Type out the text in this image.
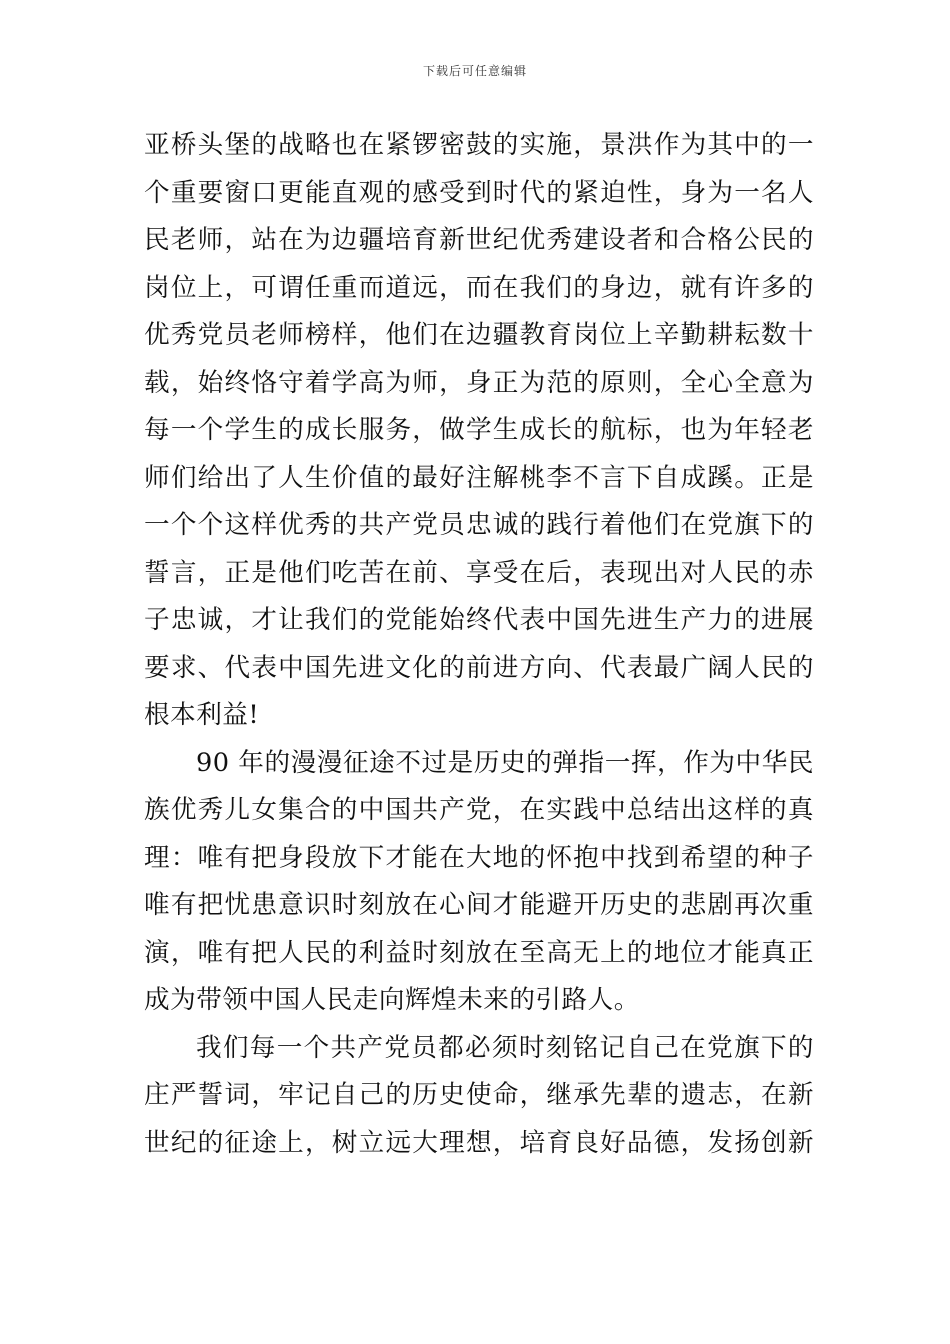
下载后可任意编辑
亚桥头堡的战略也在紧锣密鼓的实施，景洪作为其中的一
个重要窗口更能直观的感受到时代的紧迫性，身为一名人
民老师，站在为边疆培育新世纪优秀建设者和合格公民的
岗位上，可谓任重而道远，而在我们的身边，就有许多的
优秀党员老师榜样，他们在边疆教育岗位上辛勤耕耘数十
载，始终恪守着学高为师，身正为范的原则，全心全意为
每一个学生的成长服务，做学生成长的航标，也为年轻老
师们给出了人生价值的最好注解桃李不言下自成蹊。正是
一个个这样优秀的共产党员忠诚的践行着他们在党旗下的
誓言，正是他们吃苦在前、享受在后，表现出对人民的赤
子忠诚，才让我们的党能始终代表中国先进生产力的进展
要求、代表中国先进文化的前进方向、代表最广阔人民的
根本利益!
90 年的漫漫征途不过是历史的弹指一挥，作为中华民
族优秀儿女集合的中国共产党，在实践中总结出这样的真
理：唯有把身段放下才能在大地的怀抱中找到希望的种子
唯有把忧患意识时刻放在心间才能避开历史的悲剧再次重
演，唯有把人民的利益时刻放在至高无上的地位才能真正
成为带领中国人民走向辉煌未来的引路人。
我们每一个共产党员都必须时刻铭记自己在党旗下的
庄严誓词，牢记自己的历史使命，继承先辈的遗志，在新
世纪的征途上，树立远大理想，培育良好品德，发扬创新
